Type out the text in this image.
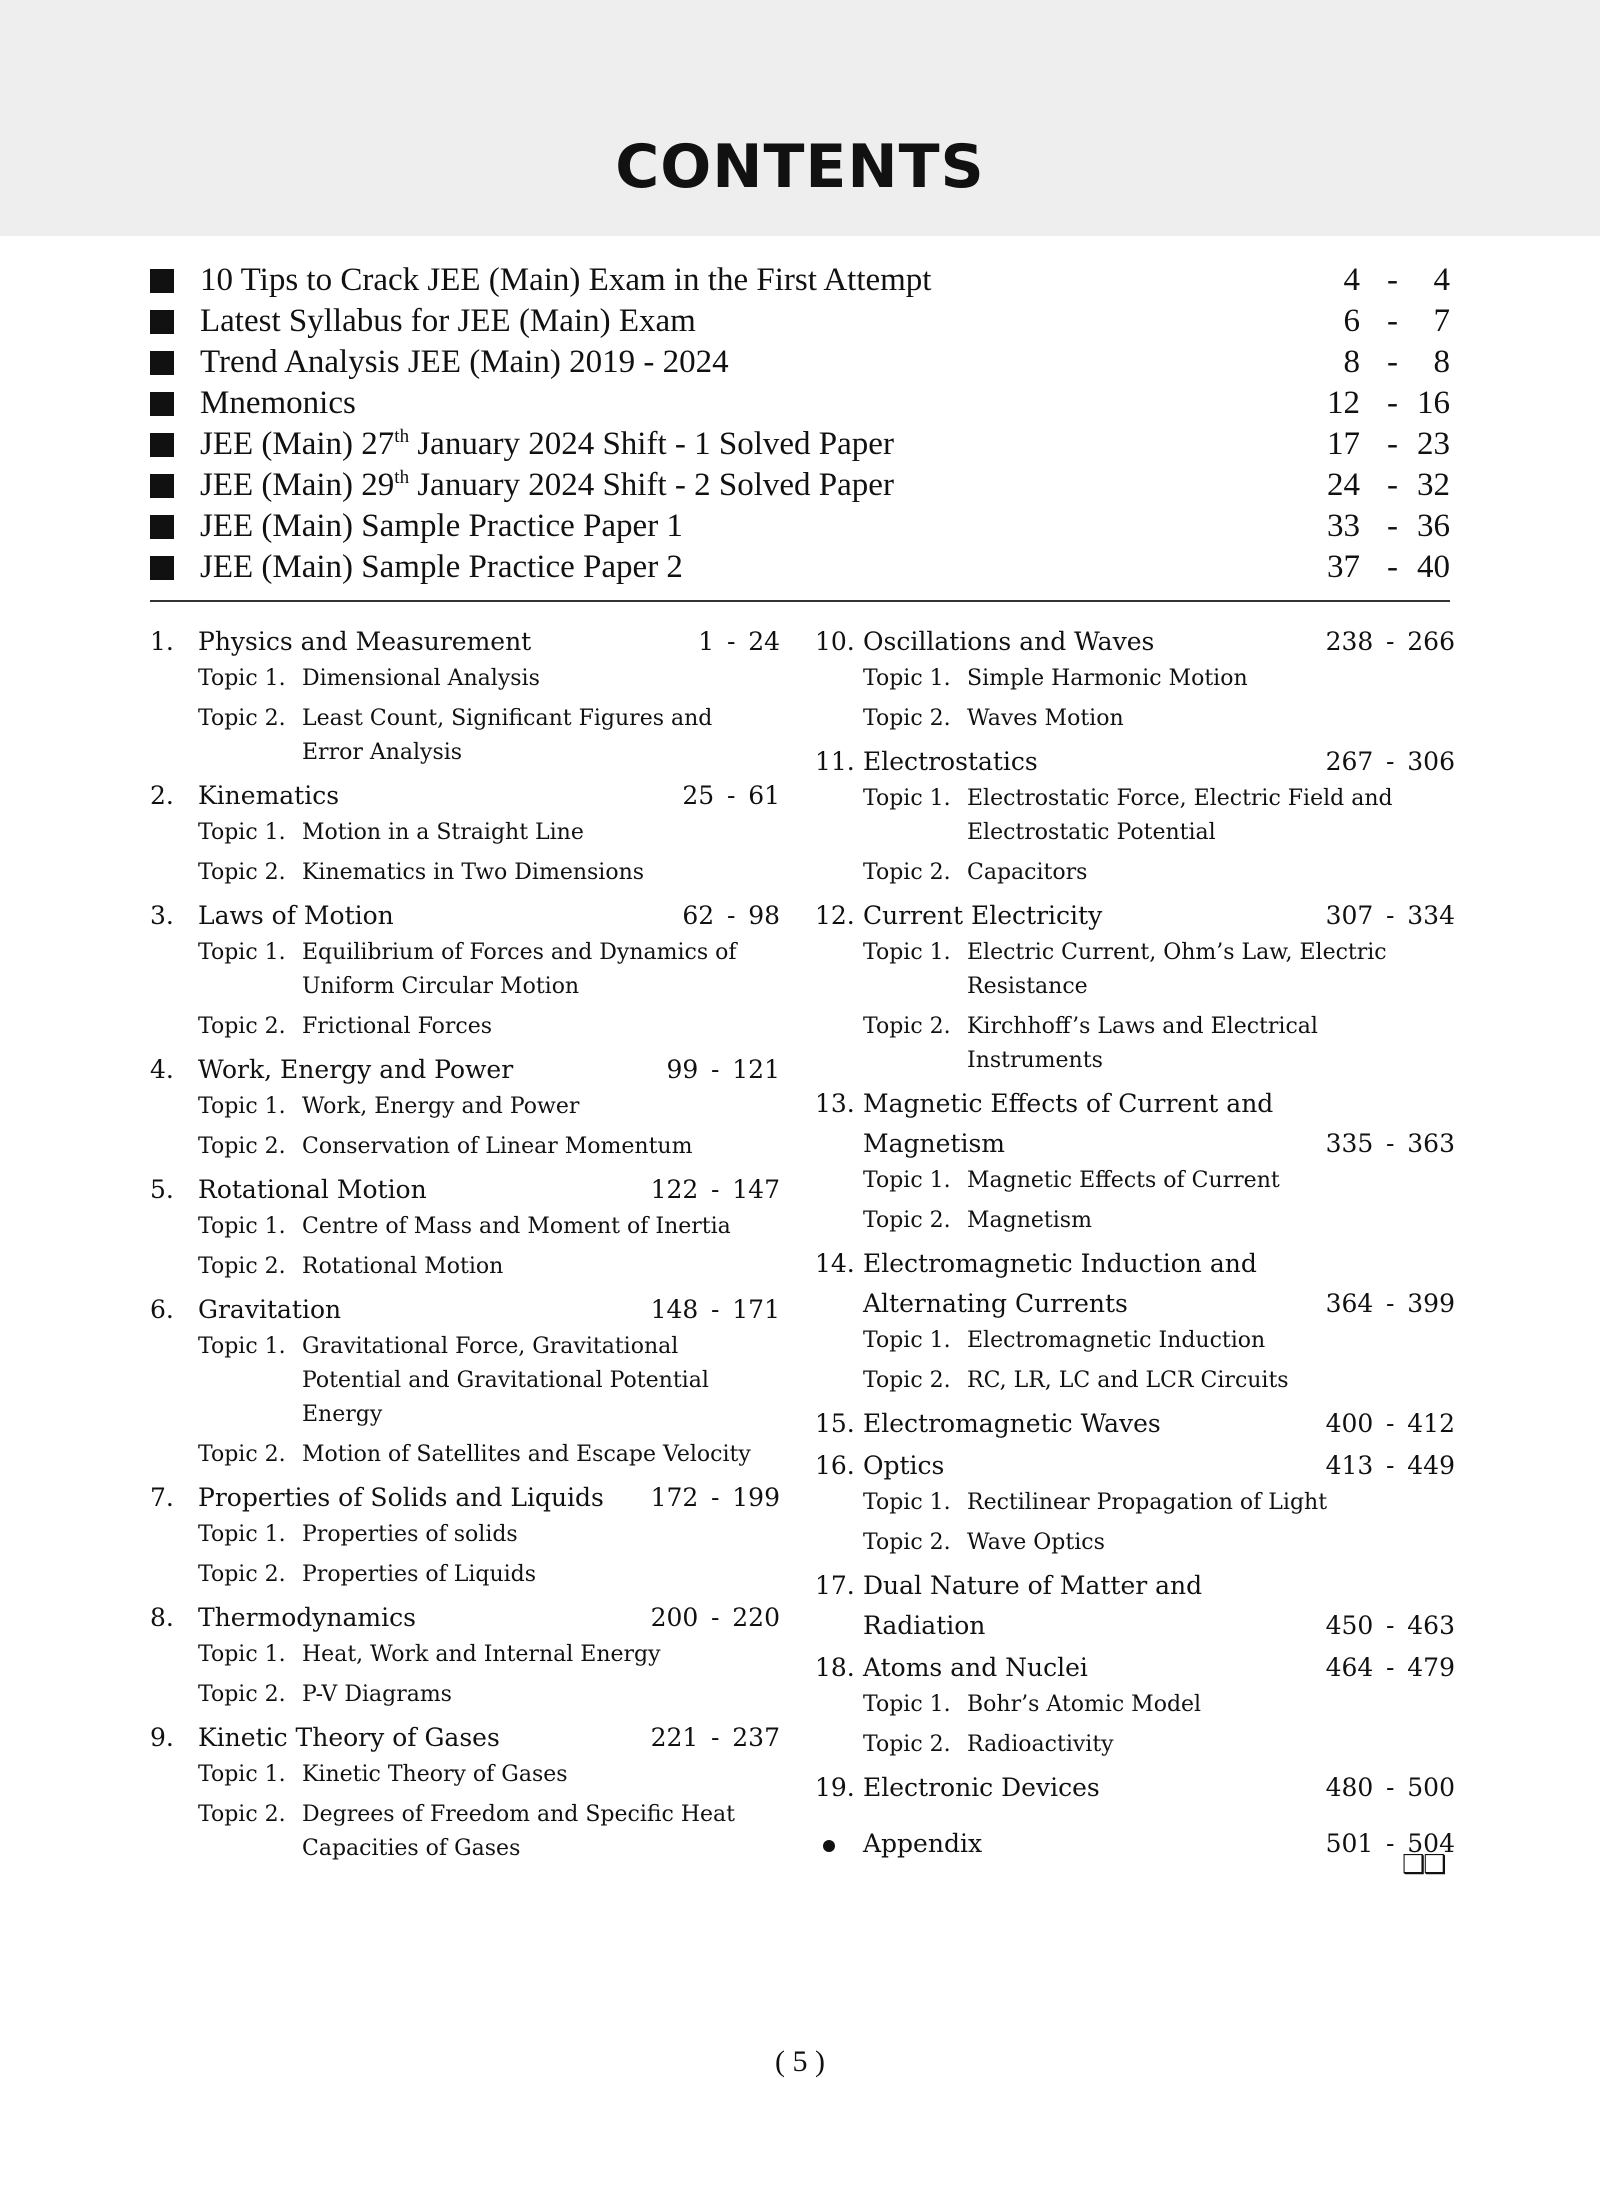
CONTENTS
10 Tips to Crack JEE (Main) Exam in the First Attempt	4 - 4
Latest Syllabus for JEE (Main) Exam	6 - 7
Trend Analysis JEE (Main) 2019 - 2024	8 - 8
Mnemonics	12 - 16
JEE (Main) 27th January 2024 Shift - 1 Solved Paper	17 - 23
JEE (Main) 29th January 2024 Shift - 2 Solved Paper	24 - 32
JEE (Main) Sample Practice Paper 1	33 - 36
JEE (Main) Sample Practice Paper 2	37 - 40
1. Physics and Measurement	1 - 24
Topic 1. Dimensional Analysis
Topic 2. Least Count, Significant Figures and Error Analysis
2. Kinematics	25 - 61
Topic 1. Motion in a Straight Line
Topic 2. Kinematics in Two Dimensions
3. Laws of Motion	62 - 98
Topic 1. Equilibrium of Forces and Dynamics of Uniform Circular Motion
Topic 2. Frictional Forces
4. Work, Energy and Power	99 - 121
Topic 1. Work, Energy and Power
Topic 2. Conservation of Linear Momentum
5. Rotational Motion	122 - 147
Topic 1. Centre of Mass and Moment of Inertia
Topic 2. Rotational Motion
6. Gravitation	148 - 171
Topic 1. Gravitational Force, Gravitational Potential and Gravitational Potential Energy
Topic 2. Motion of Satellites and Escape Velocity
7. Properties of Solids and Liquids	172 - 199
Topic 1. Properties of solids
Topic 2. Properties of Liquids
8. Thermodynamics	200 - 220
Topic 1. Heat, Work and Internal Energy
Topic 2. P-V Diagrams
9. Kinetic Theory of Gases	221 - 237
Topic 1. Kinetic Theory of Gases
Topic 2. Degrees of Freedom and Specific Heat Capacities of Gases
10. Oscillations and Waves	238 - 266
Topic 1. Simple Harmonic Motion
Topic 2. Waves Motion
11. Electrostatics	267 - 306
Topic 1. Electrostatic Force, Electric Field and Electrostatic Potential
Topic 2. Capacitors
12. Current Electricity	307 - 334
Topic 1. Electric Current, Ohm’s Law, Electric Resistance
Topic 2. Kirchhoff’s Laws and Electrical Instruments
13. Magnetic Effects of Current and Magnetism	335 - 363
Topic 1. Magnetic Effects of Current
Topic 2. Magnetism
14. Electromagnetic Induction and Alternating Currents	364 - 399
Topic 1. Electromagnetic Induction
Topic 2. RC, LR, LC and LCR Circuits
15. Electromagnetic Waves	400 - 412
16. Optics	413 - 449
Topic 1. Rectilinear Propagation of Light
Topic 2. Wave Optics
17. Dual Nature of Matter and Radiation	450 - 463
18. Atoms and Nuclei	464 - 479
Topic 1. Bohr’s Atomic Model
Topic 2. Radioactivity
19. Electronic Devices	480 - 500
Appendix	501 - 504
❑❑
( 5 )
